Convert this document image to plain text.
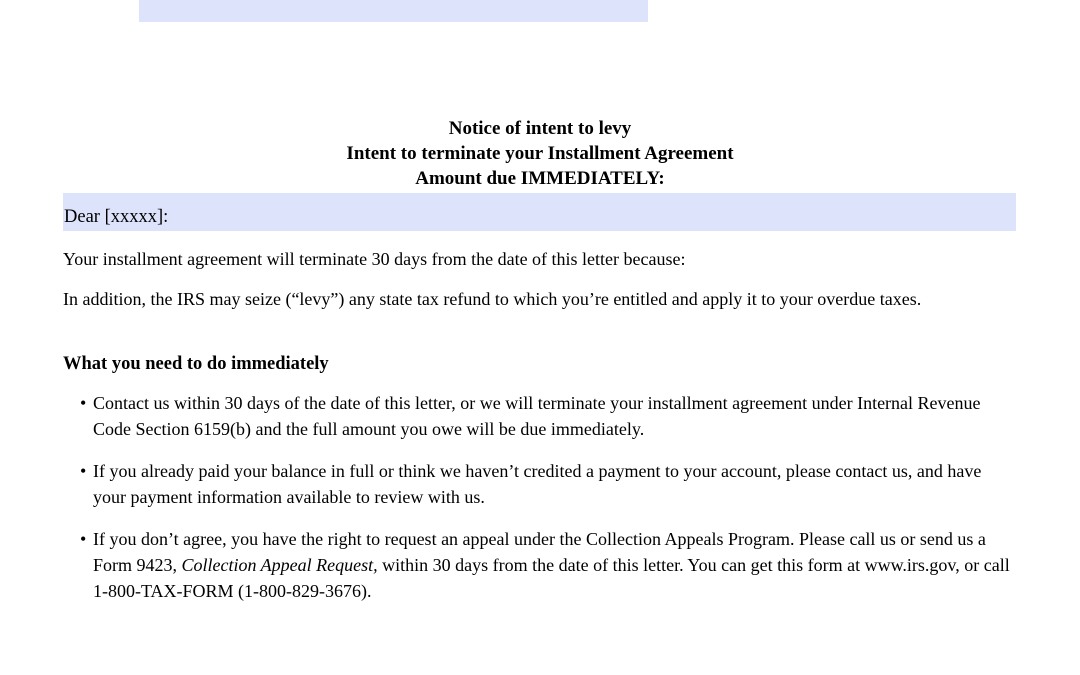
Notice of intent to levy
Intent to terminate your Installment Agreement
Amount due IMMEDIATELY:
Dear [xxxxx]:

Your installment agreement will terminate 30 days from the date of this letter because:

In addition, the IRS may seize (“levy”) any state tax refund to which you’re entitled and apply it to your overdue taxes.

What you need to do immediately
• Contact us within 30 days of the date of this letter, or we will terminate your installment agreement under Internal Revenue Code Section 6159(b) and the full amount you owe will be due immediately.
• If you already paid your balance in full or think we haven’t credited a payment to your account, please contact us, and have your payment information available to review with us.
• If you don’t agree, you have the right to request an appeal under the Collection Appeals Program. Please call us or send us a Form 9423, Collection Appeal Request, within 30 days from the date of this letter. You can get this form at www.irs.gov, or call 1-800-TAX-FORM (1-800-829-3676).
